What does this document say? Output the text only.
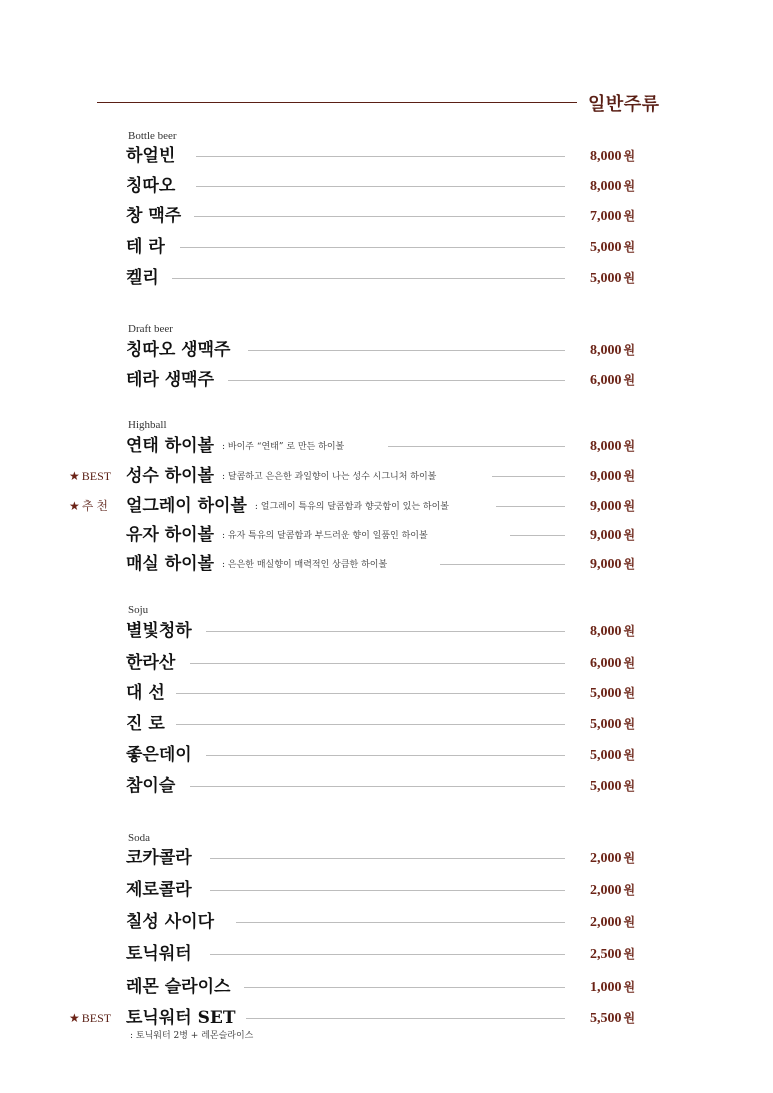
일반주류
Bottle beer
하얼빈	8,000 원
칭따오	8,000 원
창 맥주	7,000 원
테 라	5,000 원
켈리	5,000 원
Draft beer
칭따오 생맥주	8,000 원
테라 생맥주	6,000 원
Highball
연태 하이볼 : 바이주 “연태” 로 만든 하이볼	8,000 원
★ BEST 성수 하이볼 : 달콤하고 은은한 과일향이 나는 성수 시그니처 하이볼	9,000 원
★ 추 천 얼그레이 하이볼 : 얼그레이 특유의 달콤함과 향긋함이 있는 하이볼	9,000 원
유자 하이볼 : 유자 특유의 달콤함과 부드러운 향이 일품인 하이볼	9,000 원
매실 하이볼 : 은은한 매실향이 매력적인 상큼한 하이볼	9,000 원
Soju
별빛청하	8,000 원
한라산	6,000 원
대 선	5,000 원
진 로	5,000 원
좋은데이	5,000 원
참이슬	5,000 원
Soda
코카콜라	2,000 원
제로콜라	2,000 원
칠성 사이다	2,000 원
토닉워터	2,500 원
레몬 슬라이스	1,000 원
★ BEST 토닉워터 SET	5,500 원
: 토닉워터 2병 + 레몬슬라이스
